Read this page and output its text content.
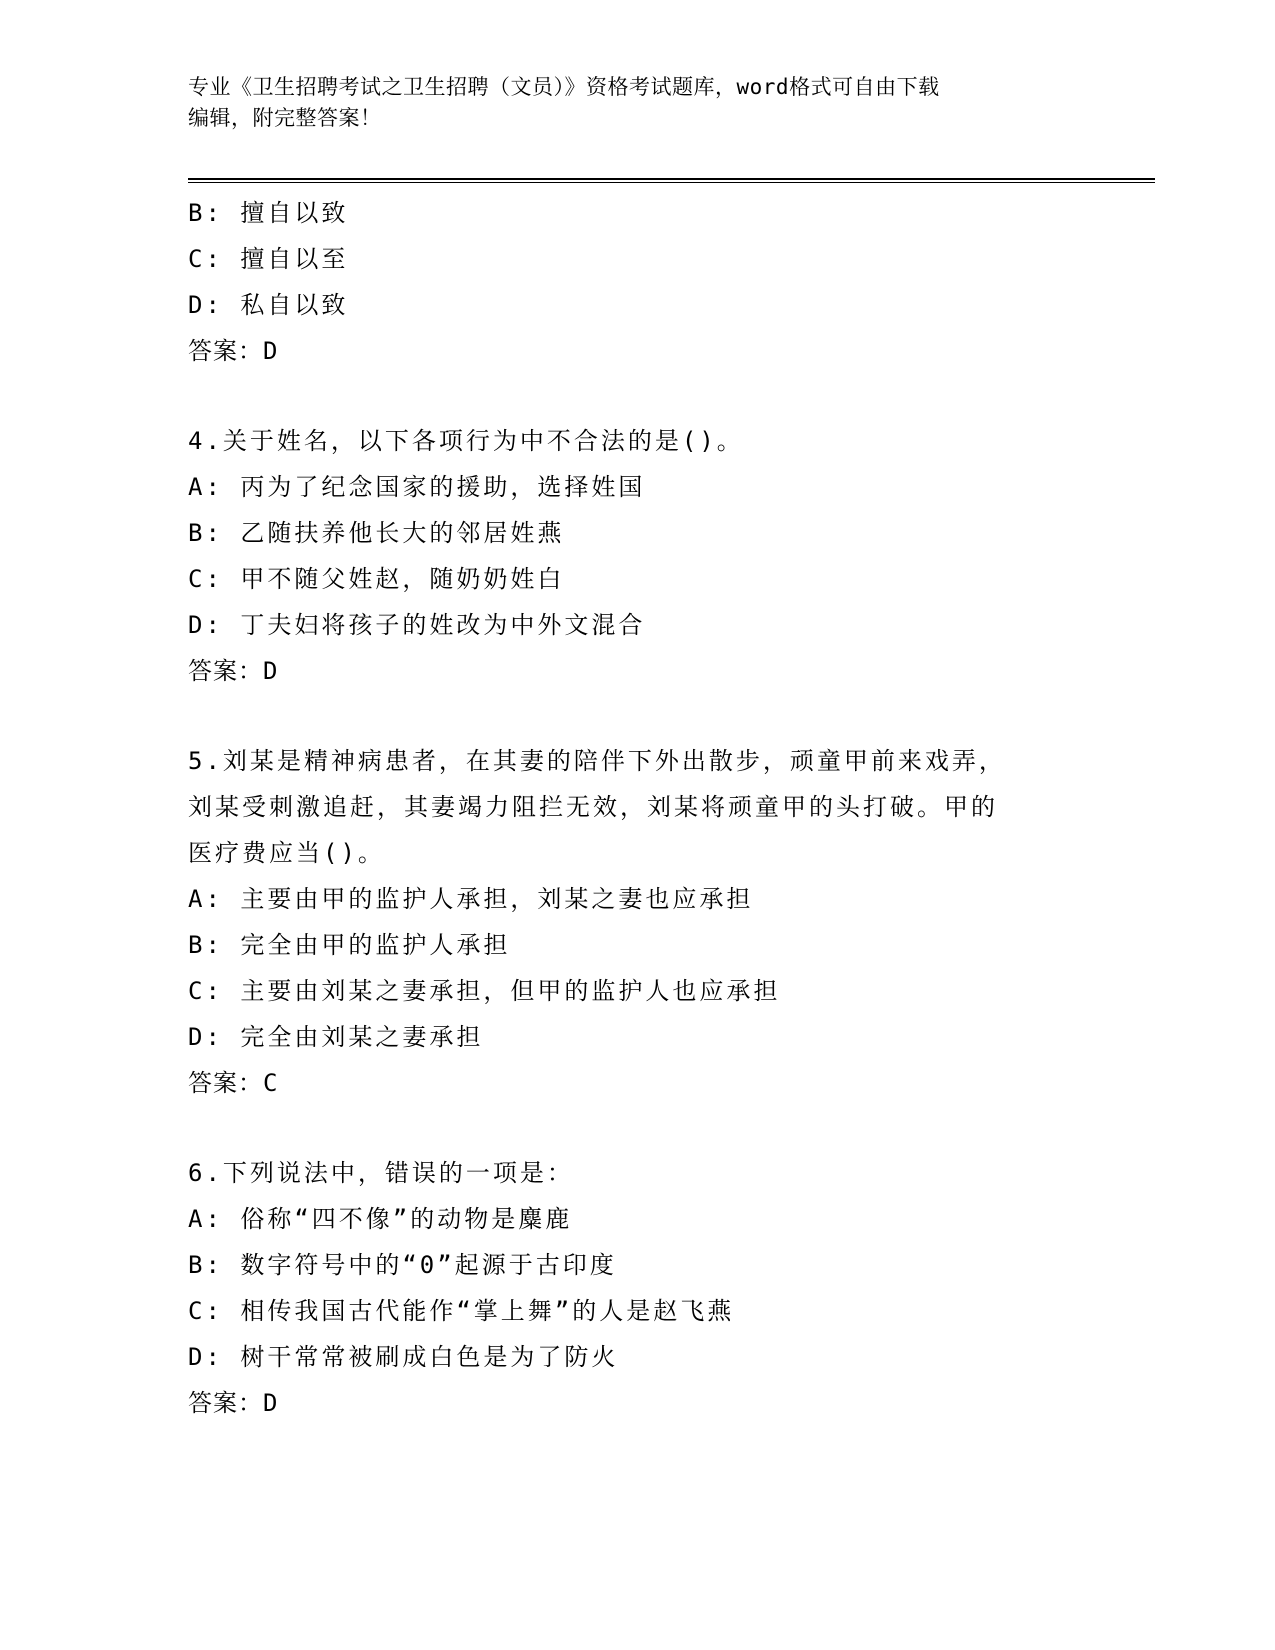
专业《卫生招聘考试之卫生招聘（文员）》资格考试题库，word格式可自由下载
编辑，附完整答案！
B: 擅自以致
C: 擅自以至
D: 私自以致
答案：D
4.关于姓名，以下各项行为中不合法的是()。
A: 丙为了纪念国家的援助，选择姓国
B: 乙随扶养他长大的邻居姓燕
C: 甲不随父姓赵，随奶奶姓白
D: 丁夫妇将孩子的姓改为中外文混合
答案：D
5.刘某是精神病患者，在其妻的陪伴下外出散步，顽童甲前来戏弄，
刘某受刺激追赶，其妻竭力阻拦无效，刘某将顽童甲的头打破。甲的
医疗费应当()。
A: 主要由甲的监护人承担，刘某之妻也应承担
B: 完全由甲的监护人承担
C: 主要由刘某之妻承担，但甲的监护人也应承担
D: 完全由刘某之妻承担
答案：C
6.下列说法中，错误的一项是：
A: 俗称“四不像”的动物是麋鹿
B: 数字符号中的“0”起源于古印度
C: 相传我国古代能作“掌上舞”的人是赵飞燕
D: 树干常常被刷成白色是为了防火
答案：D
